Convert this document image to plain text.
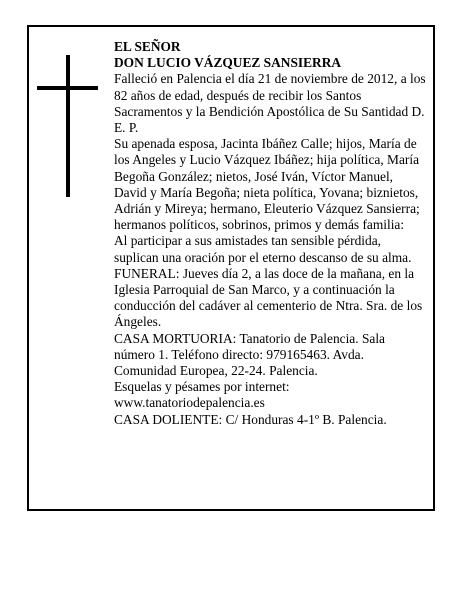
EL SEÑOR

DON LUCIO VÁZQUEZ SANSIERRA

Falleció en Palencia el día 21 de noviembre de 2012, a los 82 años de edad, después de recibir los Santos Sacramentos y la Bendición Apostólica de Su Santidad D. E. P.

Su apenada esposa, Jacinta Ibáñez Calle; hijos, María de los Angeles y Lucio Vázquez Ibáñez; hija política, María Begoña González; nietos, José Iván, Víctor Manuel, David y María Begoña; nieta política, Yovana; biznietos, Adrián y Mireya; hermano, Eleuterio Vázquez Sansierra; hermanos políticos, sobrinos, primos y demás familia:

Al participar a sus amistades tan sensible pérdida, suplican una oración por el eterno descanso de su alma.

FUNERAL: Jueves día 2, a las doce de la mañana, en la Iglesia Parroquial de San Marco, y a continuación la conducción del cadáver al cementerio de Ntra. Sra. de los Ángeles.

CASA MORTUORIA: Tanatorio de Palencia. Sala número 1. Teléfono directo: 979165463. Avda. Comunidad Europea, 22-24. Palencia.

Esquelas y pésames por internet: www.tanatoriodepalencia.es

CASA DOLIENTE: C/ Honduras 4-1º B. Palencia.
